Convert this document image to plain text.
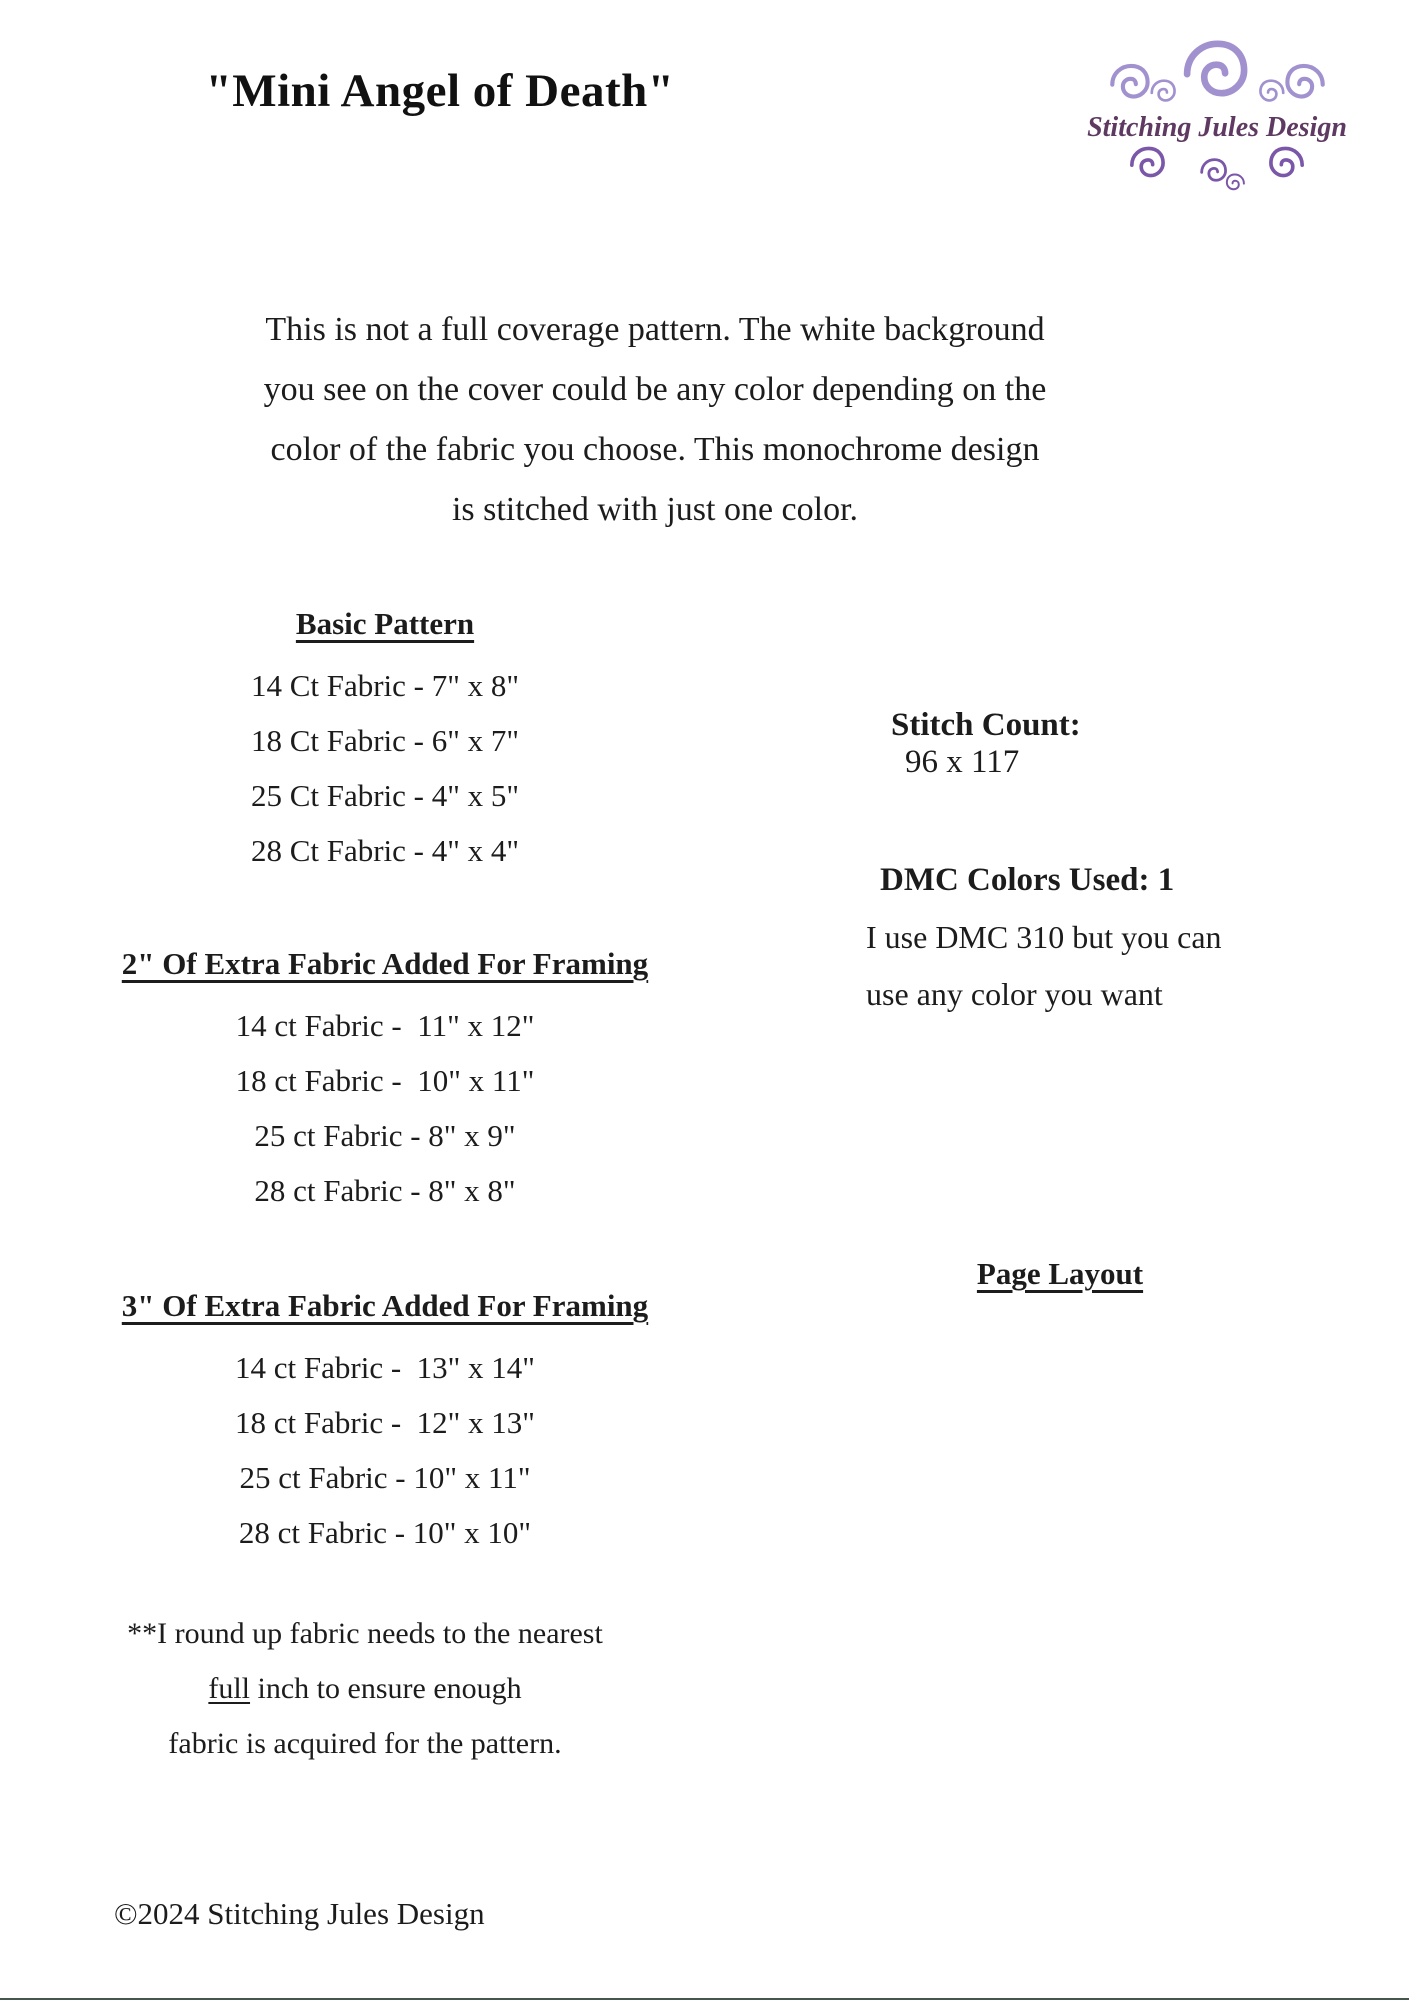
"Mini Angel of Death"
Stitching Jules Design
This is not a full coverage pattern. The white background
you see on the cover could be any color depending on the
color of the fabric you choose. This monochrome design
is stitched with just one color.
Basic Pattern
14 Ct Fabric - 7" x 8"
18 Ct Fabric - 6" x 7"
25 Ct Fabric - 4" x 5"
28 Ct Fabric - 4" x 4"
2" Of Extra Fabric Added For Framing
14 ct Fabric -  11" x 12"
18 ct Fabric -  10" x 11"
25 ct Fabric - 8" x 9"
28 ct Fabric - 8" x 8"
3" Of Extra Fabric Added For Framing
14 ct Fabric -  13" x 14"
18 ct Fabric -  12" x 13"
25 ct Fabric - 10" x 11"
28 ct Fabric - 10" x 10"

Stitch Count:
96 x 117

DMC Colors Used: 1
I use DMC 310 but you can
use any color you want
Page Layout
**I round up fabric needs to the nearest
full inch to ensure enough
fabric is acquired for the pattern.
©2024 Stitching Jules Design
